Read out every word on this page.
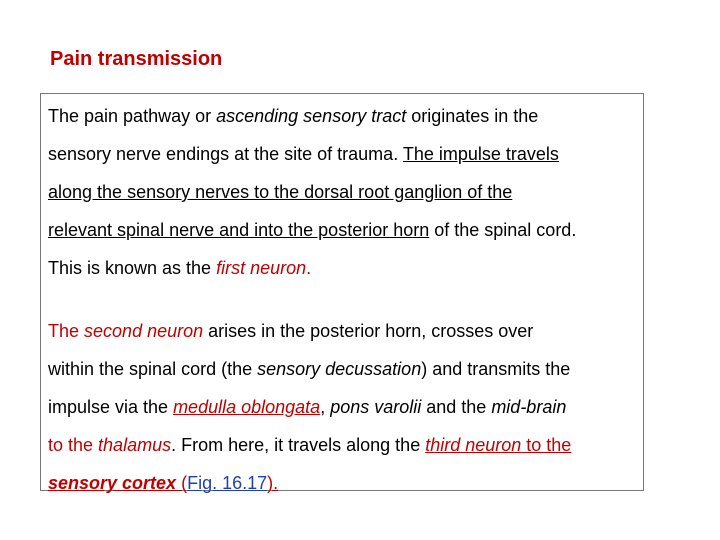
Pain transmission

The pain pathway or ascending sensory tract originates in the
sensory nerve endings at the site of trauma. The impulse travels
along the sensory nerves to the dorsal root ganglion of the
relevant spinal nerve and into the posterior horn of the spinal cord.
This is known as the first neuron.

The second neuron arises in the posterior horn, crosses over
within the spinal cord (the sensory decussation) and transmits the
impulse via the medulla oblongata, pons varolii and the mid-brain
to the thalamus. From here, it travels along the third neuron to the
sensory cortex (Fig. 16.17).
